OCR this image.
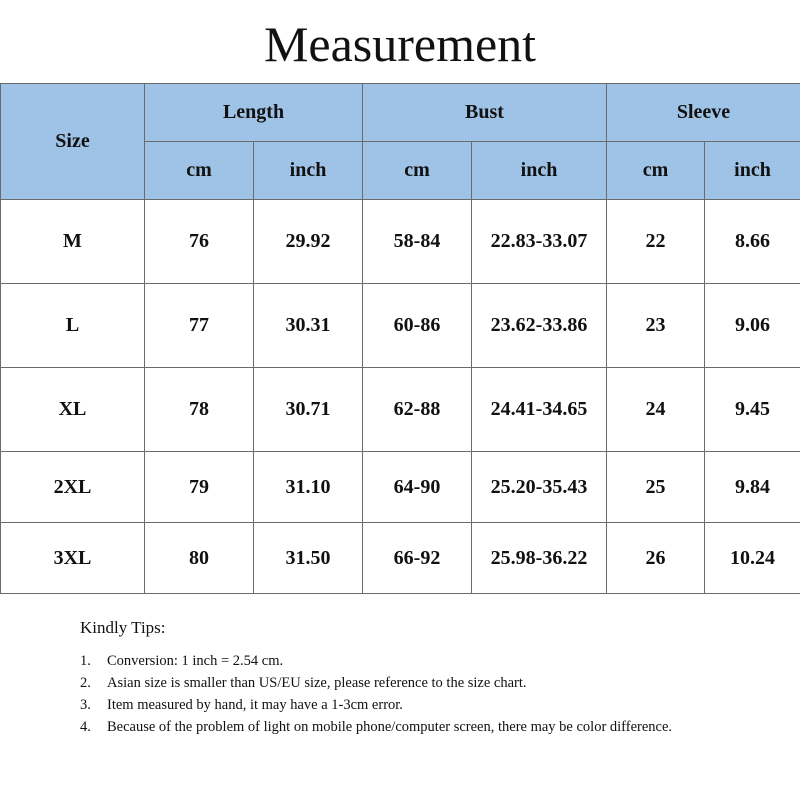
Measurement
Size	Length		Bust		Sleeve	
	cm	inch	cm	inch	cm	inch
M	76	29.92	58-84	22.83-33.07	22	8.66
L	77	30.31	60-86	23.62-33.86	23	9.06
XL	78	30.71	62-88	24.41-34.65	24	9.45
2XL	79	31.10	64-90	25.20-35.43	25	9.84
3XL	80	31.50	66-92	25.98-36.22	26	10.24
Kindly Tips:
1. Conversion: 1 inch = 2.54 cm.
2. Asian size is smaller than US/EU size, please reference to the size chart.
3. Item measured by hand, it may have a 1-3cm error.
4. Because of the problem of light on mobile phone/computer screen, there may be color difference.
